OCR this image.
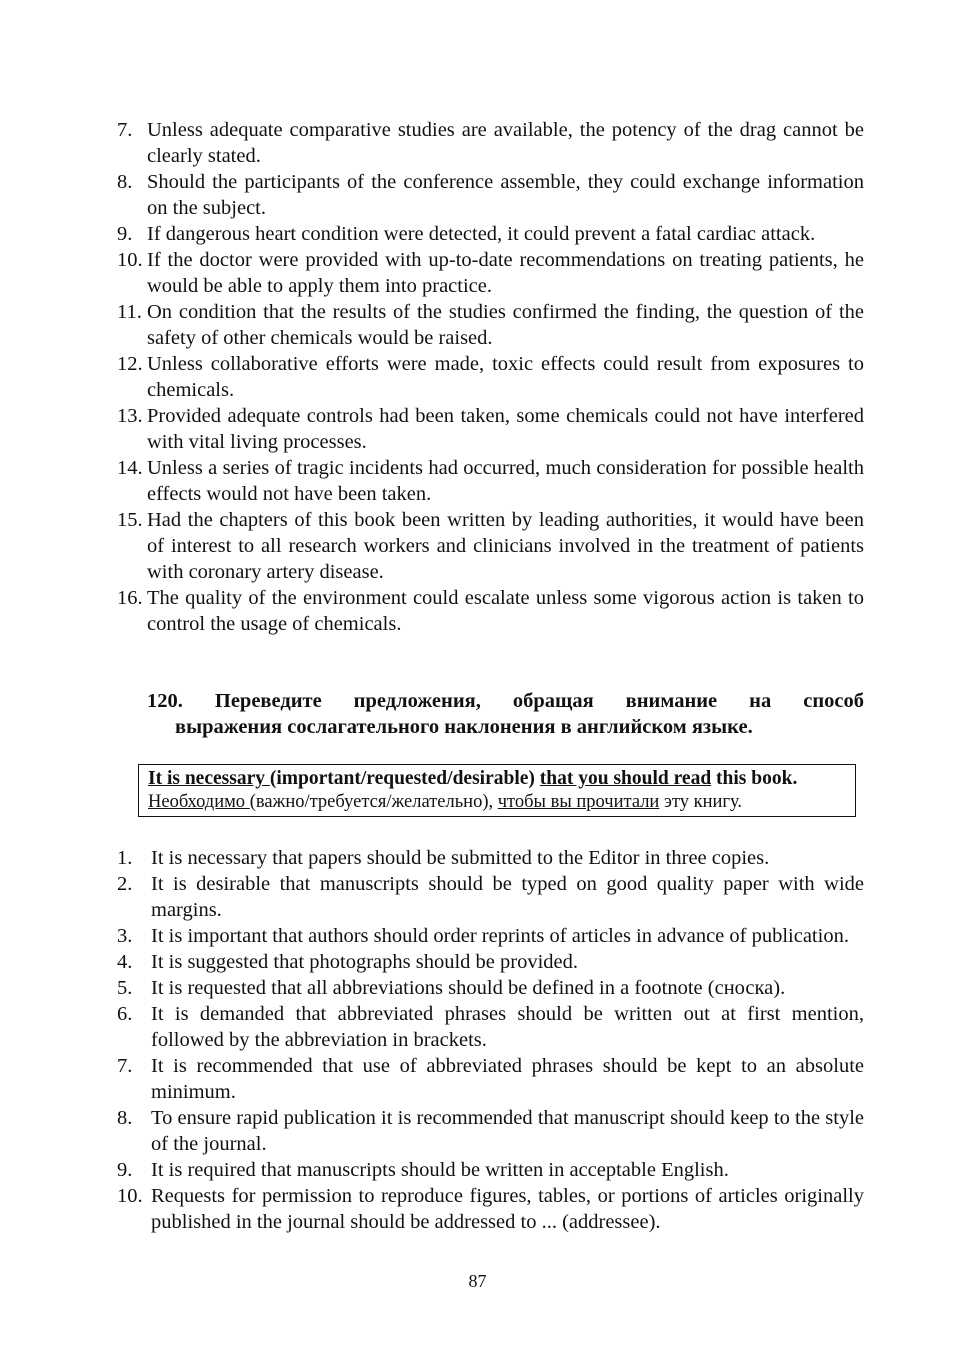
7. Unless adequate comparative studies are available, the potency of the drag cannot be clearly stated.
8. Should the participants of the conference assemble, they could exchange information on the subject.
9. If dangerous heart condition were detected, it could prevent a fatal cardiac attack.
10. If the doctor were provided with up-to-date recommendations on treating patients, he would be able to apply them into practice.
11. On condition that the results of the studies confirmed the finding, the question of the safety of other chemicals would be raised.
12. Unless collaborative efforts were made, toxic effects could result from exposures to chemicals.
13. Provided adequate controls had been taken, some chemicals could not have interfered with vital living processes.
14. Unless a series of tragic incidents had occurred, much consideration for possible health effects would not have been taken.
15. Had the chapters of this book been written by leading authorities, it would have been of interest to all research workers and clinicians involved in the treatment of patients with coronary artery disease.
16. The quality of the environment could escalate unless some vigorous action is taken to control the usage of chemicals.
120. Переведите предложения, обращая внимание на способ
выражения сослагательного наклонения в английском языке.
It is necessary (important/requested/desirable) that you should read this book.
Необходимо (важно/требуется/желательно), чтобы вы прочитали эту книгу.
1. It is necessary that papers should be submitted to the Editor in three copies.
2. It is desirable that manuscripts should be typed on good quality paper with wide margins.
3. It is important that authors should order reprints of articles in advance of publication.
4. It is suggested that photographs should be provided.
5. It is requested that all abbreviations should be defined in a footnote (сноска).
6. It is demanded that abbreviated phrases should be written out at first mention, followed by the abbreviation in brackets.
7. It is recommended that use of abbreviated phrases should be kept to an absolute minimum.
8. To ensure rapid publication it is recommended that manuscript should keep to the style of the journal.
9. It is required that manuscripts should be written in acceptable English.
10. Requests for permission to reproduce figures, tables, or portions of articles originally published in the journal should be addressed to ... (addressee).
87
